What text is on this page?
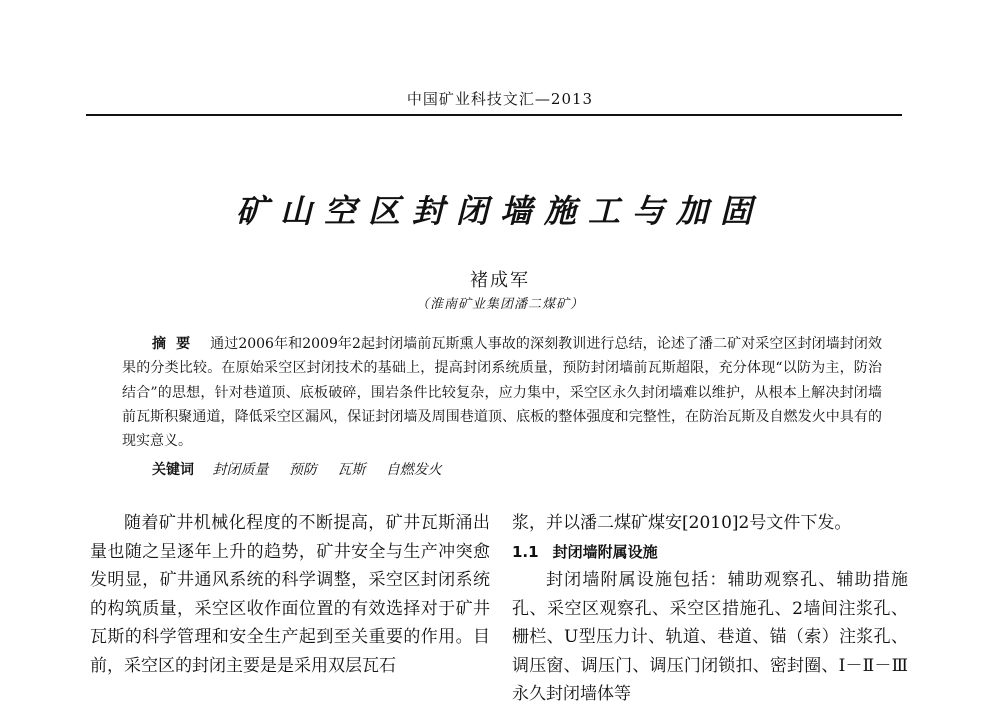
中国矿业科技文汇—2013
矿山空区封闭墙施工与加固
褚成军
（淮南矿业集团潘二煤矿）
摘要 通过2006年和2009年2起封闭墙前瓦斯熏人事故的深刻教训进行总结，论述了潘二矿对采空区封闭墙封闭效果的分类比较。在原始采空区封闭技术的基础上，提高封闭系统质量，预防封闭墙前瓦斯超限，充分体现“以防为主，防治结合”的思想，针对巷道顶、底板破碎，围岩条件比较复杂，应力集中，采空区永久封闭墙难以维护，从根本上解决封闭墙前瓦斯积聚通道，降低采空区漏风，保证封闭墙及周围巷道顶、底板的整体强度和完整性，在防治瓦斯及自燃发火中具有的现实意义。
关键词 封闭质量 预防 瓦斯 自燃发火

随着矿井机械化程度的不断提高，矿井瓦斯涌出量也随之呈逐年上升的趋势，矿井安全与生产冲突愈发明显，矿井通风系统的科学调整，采空区封闭系统的构筑质量，采空区收作面位置的有效选择对于矿井瓦斯的科学管理和安全生产起到至关重要的作用。目前，采空区的封闭主要是是采用双层瓦石

浆，并以潘二煤矿煤安[2010]2号文件下发。

1.1 封闭墙附属设施

封闭墙附属设施包括：辅助观察孔、辅助措施孔、采空区观察孔、采空区措施孔、2墙间注浆孔、栅栏、U型压力计、轨道、巷道、锚（索）注浆孔、调压窗、调压门、调压门闭锁扣、密封圈、Ⅰ－Ⅱ－Ⅲ永久封闭墙体等
